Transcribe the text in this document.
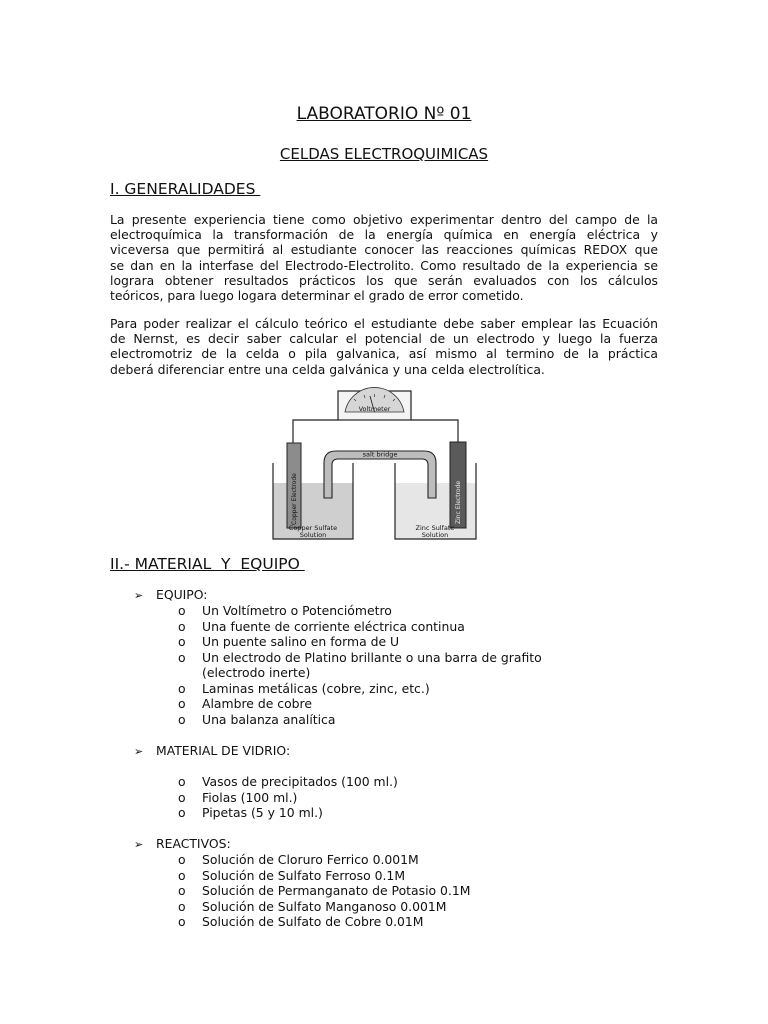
LABORATORIO Nº 01
CELDAS ELECTROQUIMICAS
I. GENERALIDADES
La presente experiencia tiene como objetivo experimentar dentro del campo de la
electroquímica la transformación de la energía química en energía eléctrica y
viceversa que permitirá al estudiante conocer las reacciones químicas REDOX que
se dan en la interfase del Electrodo-Electrolito. Como resultado de la experiencia se
lograra obtener resultados prácticos los que serán evaluados con los cálculos
teóricos, para luego logara determinar el grado de error cometido.
Para poder realizar el cálculo teórico el estudiante debe saber emplear las Ecuación
de Nernst, es decir saber calcular el potencial de un electrodo y luego la fuerza
electromotriz de la celda o pila galvanica, así mismo al termino de la práctica
deberá diferenciar entre una celda galvánica y una celda electrolítica.
Voltmeter
salt bridge
Copper Electrode	Zinc Electrode
Copper Sulfate
Solution
Zinc Sulfate
Solution
II.- MATERIAL  Y  EQUIPO
➢ EQUIPO:
o Un Voltímetro o Potenciómetro
o Una fuente de corriente eléctrica continua
o Un puente salino en forma de U
o Un electrodo de Platino brillante o una barra de grafito
(electrodo inerte)
o Laminas metálicas (cobre, zinc, etc.)
o Alambre de cobre
o Una balanza analítica
➢ MATERIAL DE VIDRIO:
o Vasos de precipitados (100 ml.)
o Fiolas (100 ml.)
o Pipetas (5 y 10 ml.)
➢ REACTIVOS:
o Solución de Cloruro Ferrico 0.001M
o Solución de Sulfato Ferroso 0.1M
o Solución de Permanganato de Potasio 0.1M
o Solución de Sulfato Manganoso 0.001M
o Solución de Sulfato de Cobre 0.01M
